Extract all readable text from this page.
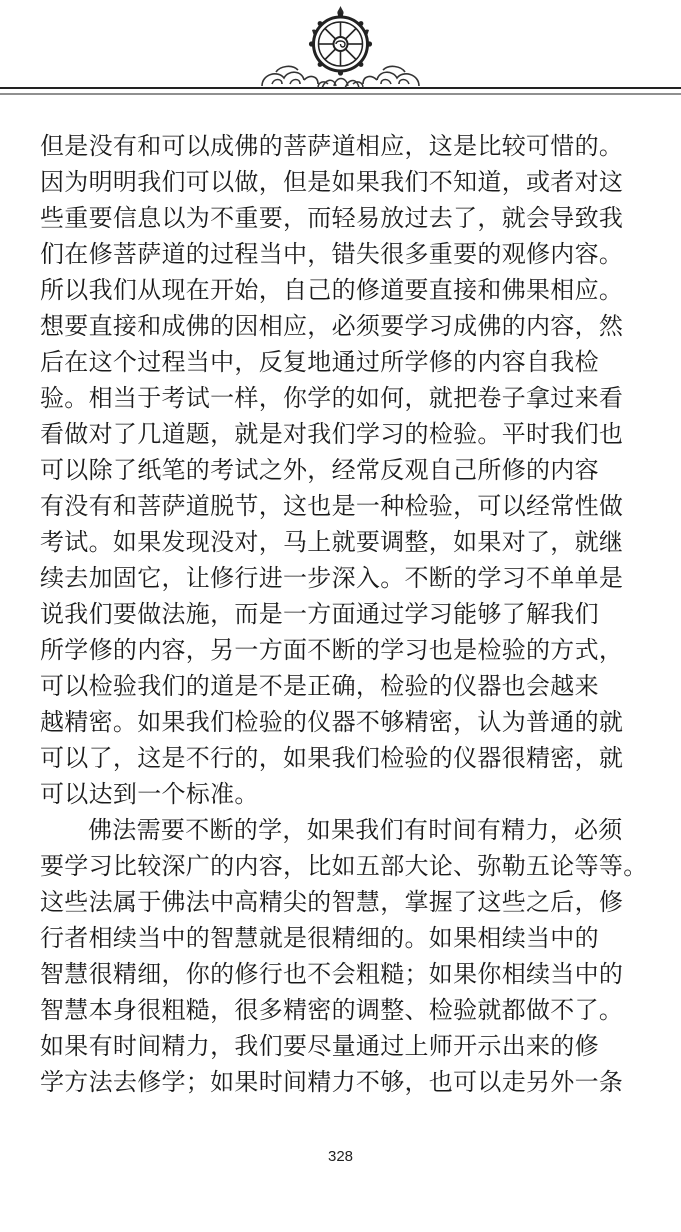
但是没有和可以成佛的菩萨道相应，这是比较可惜的。
因为明明我们可以做，但是如果我们不知道，或者对这
些重要信息以为不重要，而轻易放过去了，就会导致我
们在修菩萨道的过程当中，错失很多重要的观修内容。
所以我们从现在开始，自己的修道要直接和佛果相应。
想要直接和成佛的因相应，必须要学习成佛的内容，然
后在这个过程当中，反复地通过所学修的内容自我检
验。相当于考试一样，你学的如何，就把卷子拿过来看
看做对了几道题，就是对我们学习的检验。平时我们也
可以除了纸笔的考试之外，经常反观自己所修的内容
有没有和菩萨道脱节，这也是一种检验，可以经常性做
考试。如果发现没对，马上就要调整，如果对了，就继
续去加固它，让修行进一步深入。不断的学习不单单是
说我们要做法施，而是一方面通过学习能够了解我们
所学修的内容，另一方面不断的学习也是检验的方式，
可以检验我们的道是不是正确，检验的仪器也会越来
越精密。如果我们检验的仪器不够精密，认为普通的就
可以了，这是不行的，如果我们检验的仪器很精密，就
可以达到一个标准。
佛法需要不断的学，如果我们有时间有精力，必须
要学习比较深广的内容，比如五部大论、弥勒五论等等。
这些法属于佛法中高精尖的智慧，掌握了这些之后，修
行者相续当中的智慧就是很精细的。如果相续当中的
智慧很精细，你的修行也不会粗糙；如果你相续当中的
智慧本身很粗糙，很多精密的调整、检验就都做不了。
如果有时间精力，我们要尽量通过上师开示出来的修
学方法去修学；如果时间精力不够，也可以走另外一条
328
